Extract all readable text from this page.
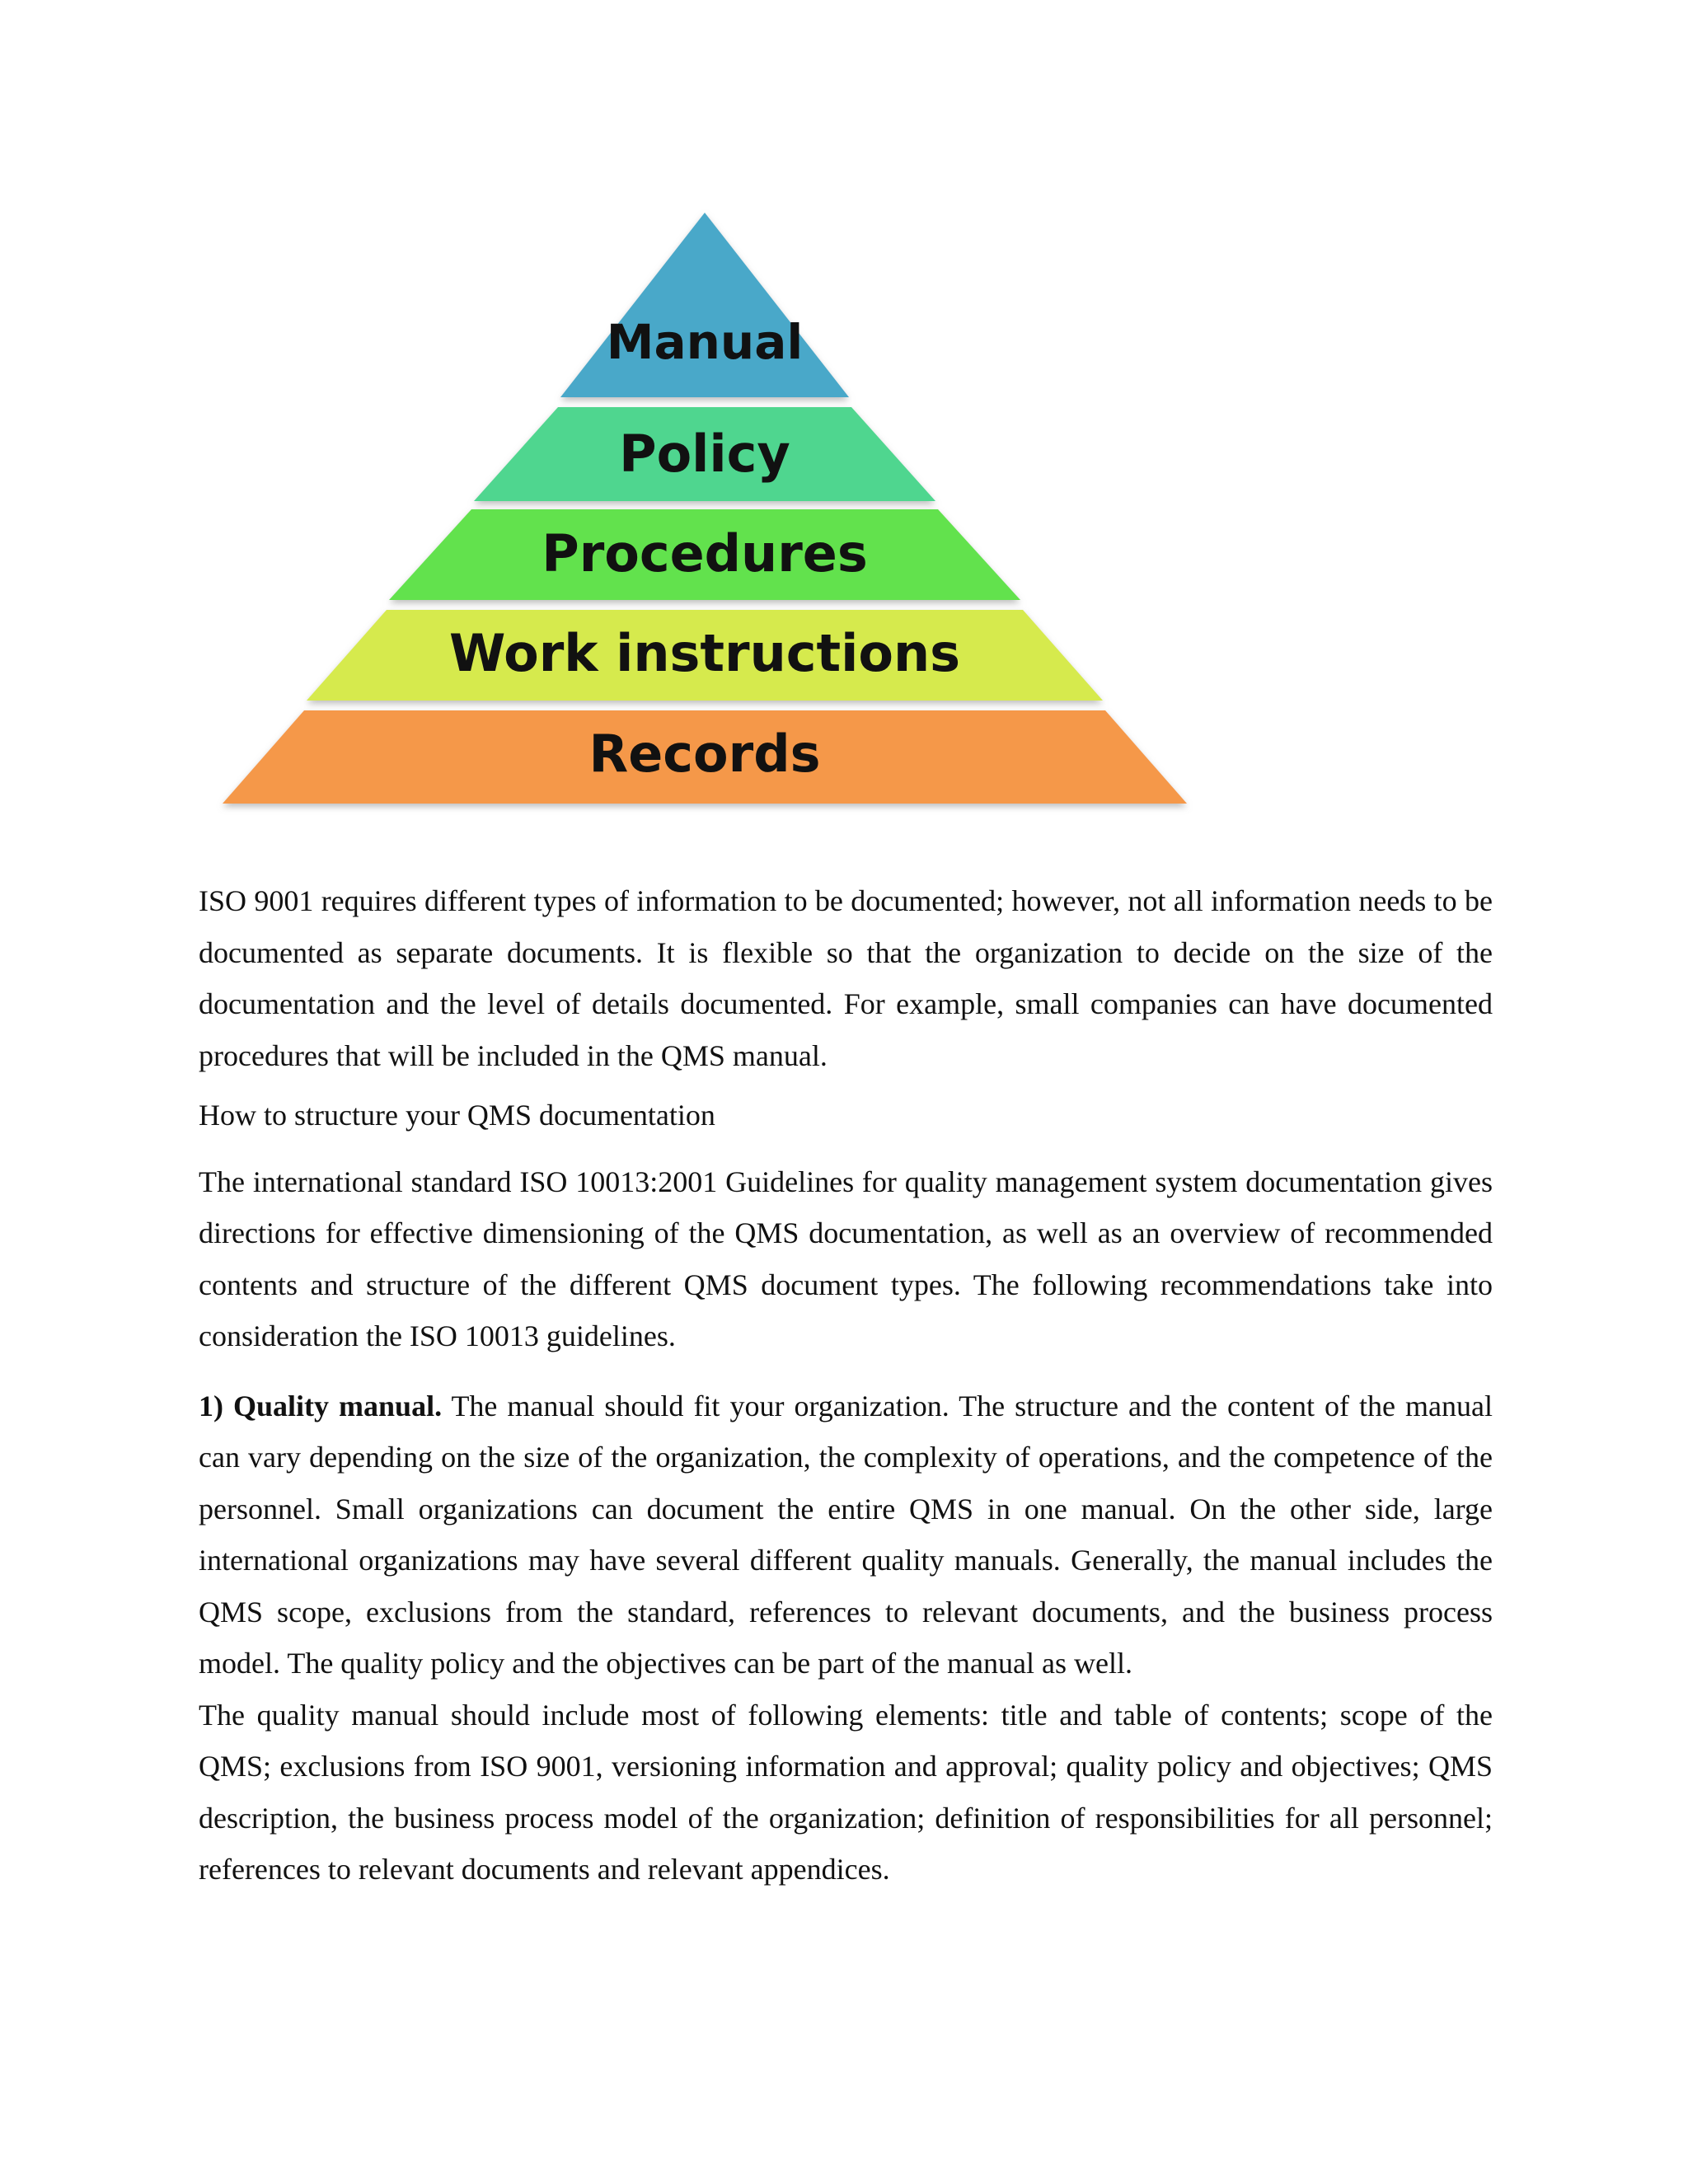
Manual
Policy
Procedures
Work instructions
Records

ISO 9001 requires different types of information to be documented; however, not all information needs to be documented as separate documents. It is flexible so that the organization to decide on the size of the documentation and the level of details documented. For example, small companies can have documented procedures that will be included in the QMS manual.

How to structure your QMS documentation

The international standard ISO 10013:2001 Guidelines for quality management system documentation gives directions for effective dimensioning of the QMS documentation, as well as an overview of recommended contents and structure of the different QMS document types. The following recommendations take into consideration the ISO 10013 guidelines.

1) Quality manual. The manual should fit your organization. The structure and the content of the manual can vary depending on the size of the organization, the complexity of operations, and the competence of the personnel. Small organizations can document the entire QMS in one manual. On the other side, large international organizations may have several different quality manuals. Generally, the manual includes the QMS scope, exclusions from the standard, references to relevant documents, and the business process model. The quality policy and the objectives can be part of the manual as well.

The quality manual should include most of following elements: title and table of contents; scope of the QMS; exclusions from ISO 9001, versioning information and approval; quality policy and objectives; QMS description, the business process model of the organization; definition of responsibilities for all personnel; references to relevant documents and relevant appendices.
